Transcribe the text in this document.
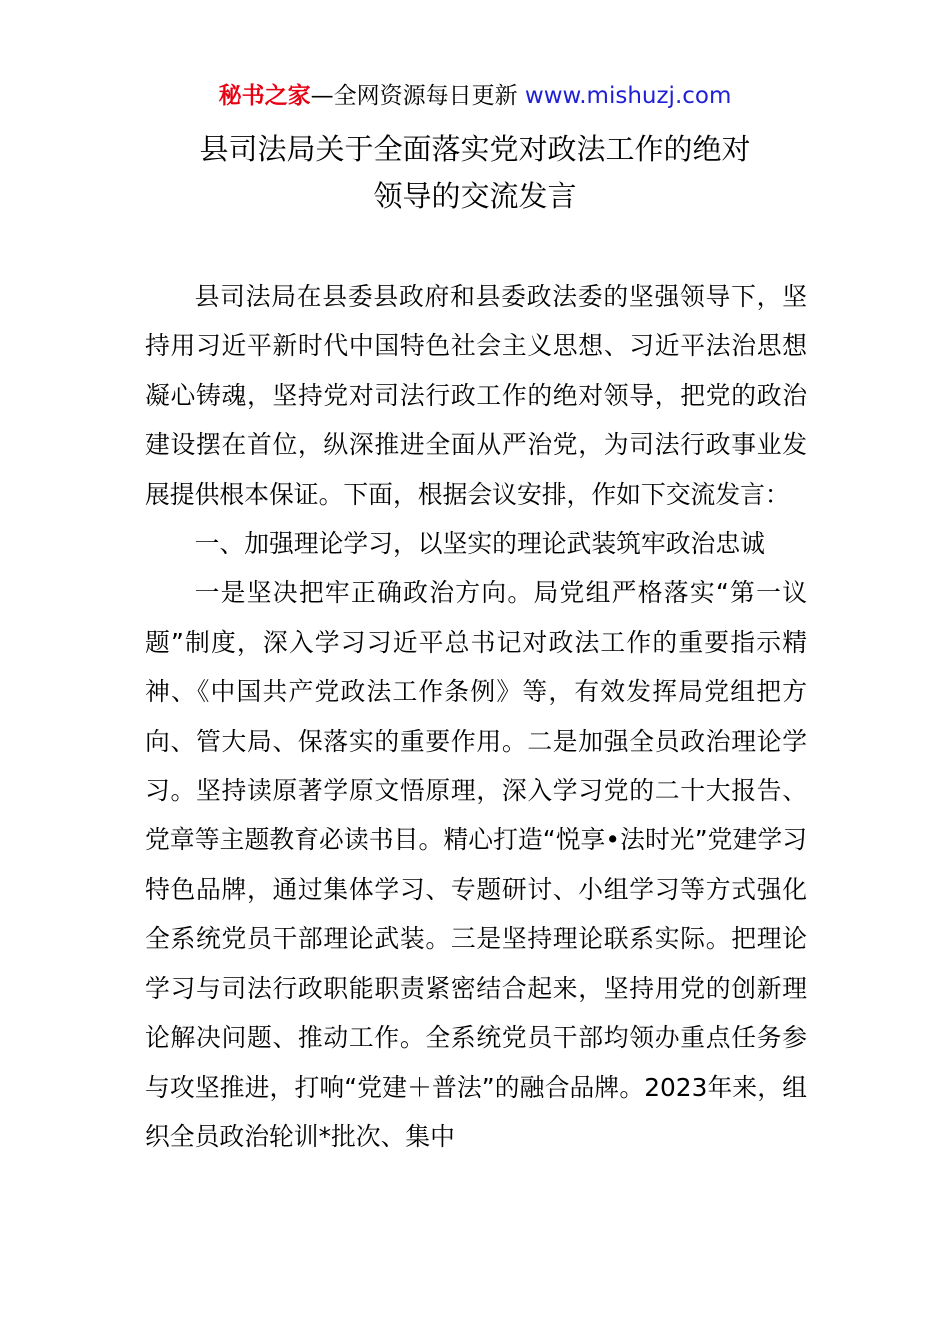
秘书之家—全网资源每日更新 www.mishuzj.com
县司法局关于全面落实党对政法工作的绝对
领导的交流发言

县司法局在县委县政府和县委政法委的坚强领导下，坚持用习近平新时代中国特色社会主义思想、习近平法治思想凝心铸魂，坚持党对司法行政工作的绝对领导，把党的政治建设摆在首位，纵深推进全面从严治党，为司法行政事业发展提供根本保证。下面，根据会议安排，作如下交流发言：

一、加强理论学习，以坚实的理论武装筑牢政治忠诚

一是坚决把牢正确政治方向。局党组严格落实“第一议题”制度，深入学习习近平总书记对政法工作的重要指示精神、《中国共产党政法工作条例》等，有效发挥局党组把方向、管大局、保落实的重要作用。二是加强全员政治理论学习。坚持读原著学原文悟原理，深入学习党的二十大报告、党章等主题教育必读书目。精心打造“悦享•法时光”党建学习特色品牌，通过集体学习、专题研讨、小组学习等方式强化全系统党员干部理论武装。三是坚持理论联系实际。把理论学习与司法行政职能职责紧密结合起来，坚持用党的创新理论解决问题、推动工作。全系统党员干部均领办重点任务参与攻坚推进，打响“党建＋普法”的融合品牌。2023年来，组织全员政治轮训*批次、集中
